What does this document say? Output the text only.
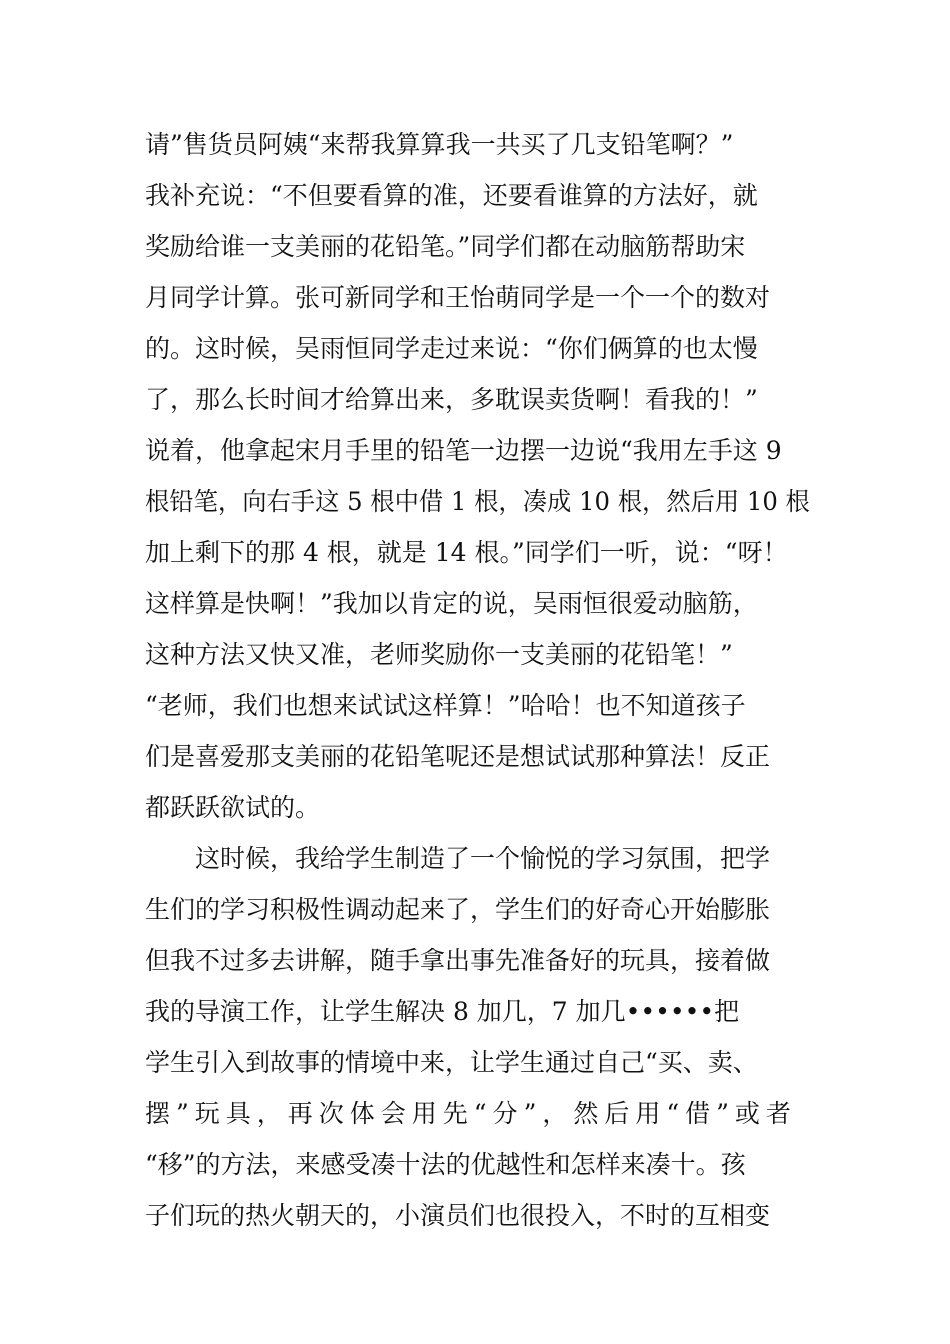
请”售货员阿姨“来帮我算算我一共买了几支铅笔啊？”
我补充说：“不但要看算的准，还要看谁算的方法好，就
奖励给谁一支美丽的花铅笔。”同学们都在动脑筋帮助宋
月同学计算。张可新同学和王怡萌同学是一个一个的数对
的。这时候，吴雨恒同学走过来说：“你们俩算的也太慢
了，那么长时间才给算出来，多耽误卖货啊！看我的！”
说着，他拿起宋月手里的铅笔一边摆一边说“我用左手这 9
根铅笔，向右手这 5 根中借 1 根，凑成 10 根，然后用 10 根
加上剩下的那 4 根，就是 14 根。”同学们一听，说：“呀！
这样算是快啊！”我加以肯定的说，吴雨恒很爱动脑筋，
这种方法又快又准，老师奖励你一支美丽的花铅笔！”
“老师，我们也想来试试这样算！”哈哈！也不知道孩子
们是喜爱那支美丽的花铅笔呢还是想试试那种算法！反正
都跃跃欲试的。
这时候，我给学生制造了一个愉悦的学习氛围，把学
生们的学习积极性调动起来了，学生们的好奇心开始膨胀
但我不过多去讲解，随手拿出事先准备好的玩具，接着做
我的导演工作，让学生解决 8 加几，7 加几••••••把
学生引入到故事的情境中来，让学生通过自己“买、卖、
摆”玩具，再次体会用先“分”，然后用“借”或者
“移”的方法，来感受凑十法的优越性和怎样来凑十。孩
子们玩的热火朝天的，小演员们也很投入，不时的互相变
